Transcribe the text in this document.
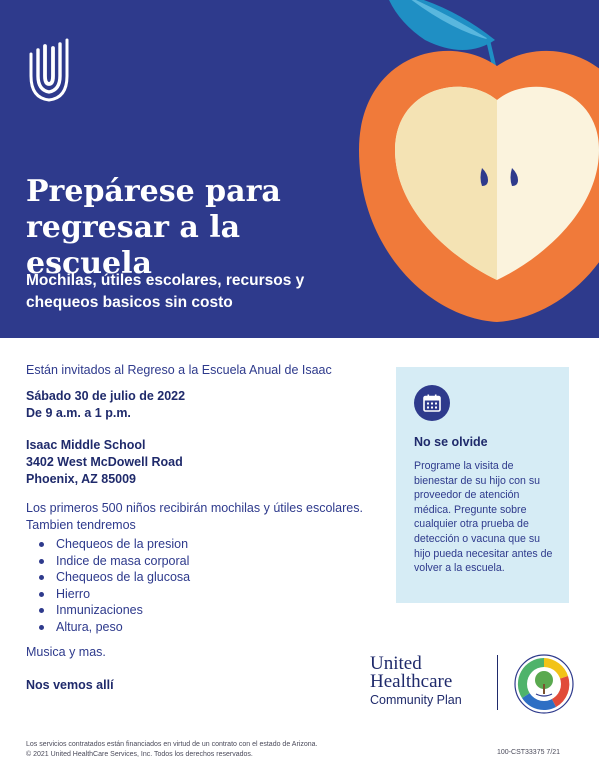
Prepárese para regresar a la escuela
Mochilas, útiles escolares, recursos y chequeos basicos sin costo

Están invitados al Regreso a la Escuela Anual de Isaac

Sábado 30 de julio de 2022
De 9 a.m. a 1 p.m.
Isaac Middle School
3402 West McDowell Road
Phoenix, AZ 85009

Los primeros 500 niños recibirán mochilas y útiles escolares. Tambien tendremos

Chequeos de la presion
Indice de masa corporal
Chequeos de la glucosa
Hierro
Inmunizaciones
Altura, peso

Musica y mas.

Nos vemos allí

No se olvide

Programe la visita de bienestar de su hijo con su proveedor de atención médica. Pregunte sobre cualquier otra prueba de detección o vacuna que su hijo pueda necesitar antes de volver a la escuela.

United
Healthcare
Community Plan
Los servicios contratados están financiados en virtud de un contrato con el estado de Arizona.
© 2021 United HealthCare Services, Inc. Todos los derechos reservados.	100-CST33375 7/21
